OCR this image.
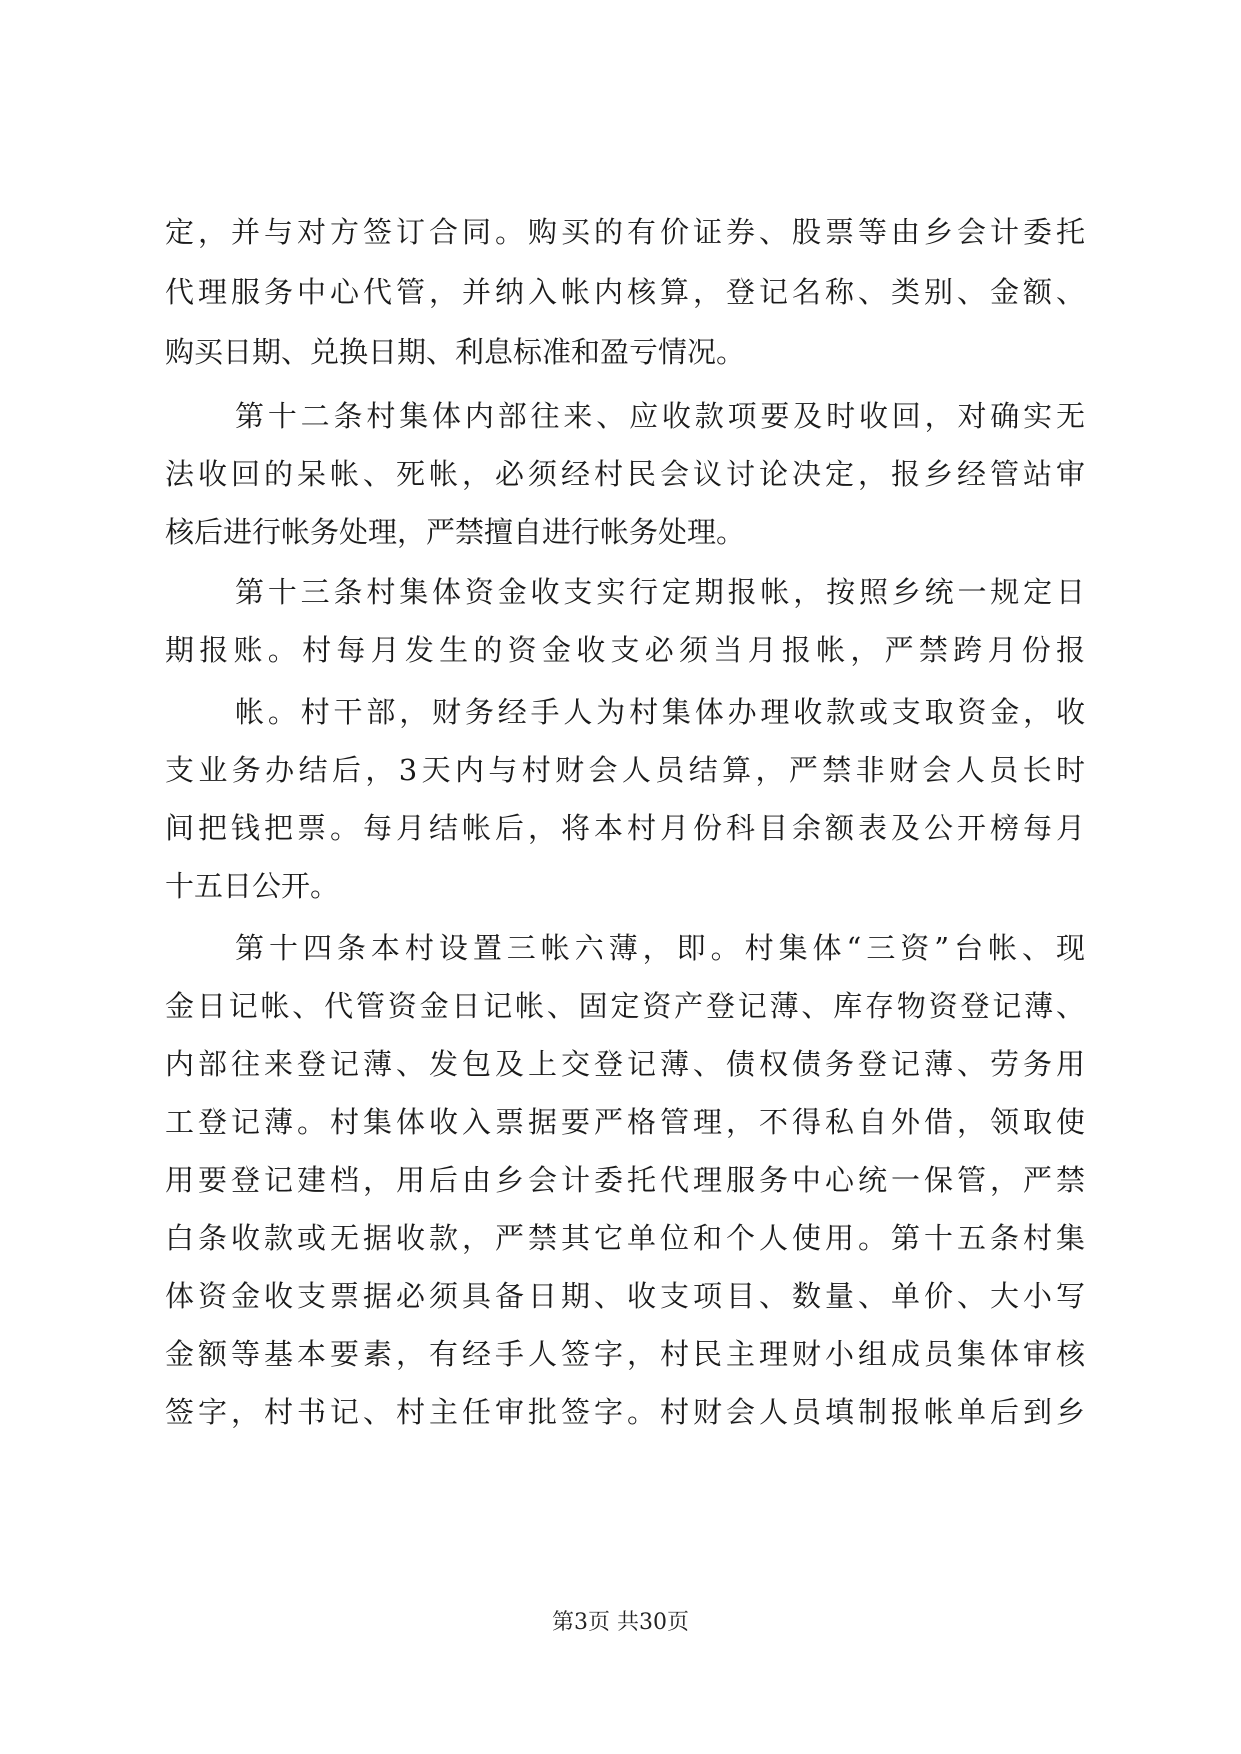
定，并与对方签订合同。购买的有价证券、股票等由乡会计委托
代理服务中心代管，并纳入帐内核算，登记名称、类别、金额、
购买日期、兑换日期、利息标准和盈亏情况。
第十二条村集体内部往来、应收款项要及时收回，对确实无
法收回的呆帐、死帐，必须经村民会议讨论决定，报乡经管站审
核后进行帐务处理，严禁擅自进行帐务处理。
第十三条村集体资金收支实行定期报帐，按照乡统一规定日
期报账。村每月发生的资金收支必须当月报帐，严禁跨月份报
帐。村干部，财务经手人为村集体办理收款或支取资金，收
支业务办结后，3天内与村财会人员结算，严禁非财会人员长时
间把钱把票。每月结帐后，将本村月份科目余额表及公开榜每月
十五日公开。
第十四条本村设置三帐六薄，即。村集体“三资”台帐、现
金日记帐、代管资金日记帐、固定资产登记薄、库存物资登记薄、
内部往来登记薄、发包及上交登记薄、债权债务登记薄、劳务用
工登记薄。村集体收入票据要严格管理，不得私自外借，领取使
用要登记建档，用后由乡会计委托代理服务中心统一保管，严禁
白条收款或无据收款，严禁其它单位和个人使用。第十五条村集
体资金收支票据必须具备日期、收支项目、数量、单价、大小写
金额等基本要素，有经手人签字，村民主理财小组成员集体审核
签字，村书记、村主任审批签字。村财会人员填制报帐单后到乡
第3页 共30页
